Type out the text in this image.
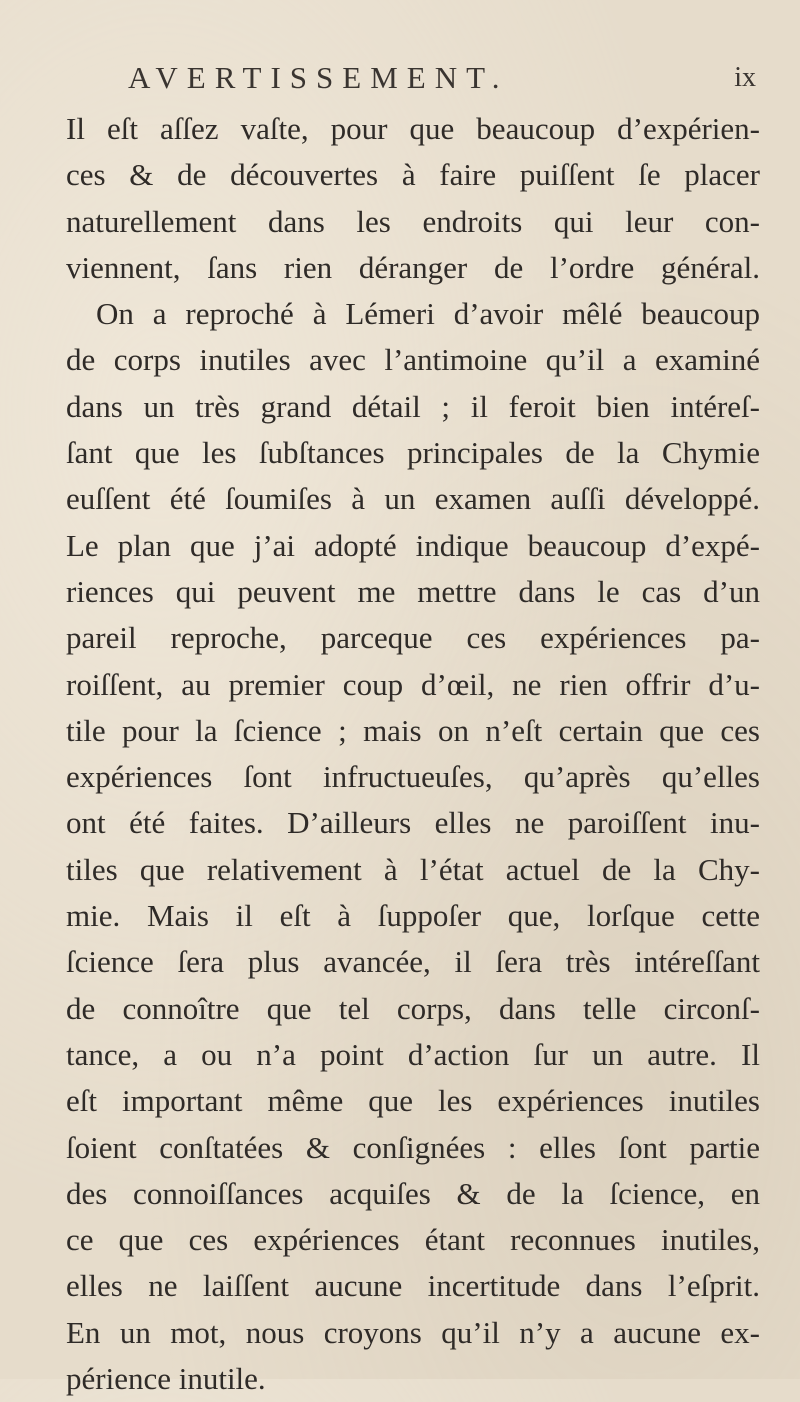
AVERTISSEMENT.	ix
Il eſt aſſez vaſte, pour que beaucoup d’expérien-
ces & de découvertes à faire puiſſent ſe placer
naturellement dans les endroits qui leur con-
viennent, ſans rien déranger de l’ordre général.
On a reproché à Lémeri d’avoir mêlé beaucoup
de corps inutiles avec l’antimoine qu’il a examiné
dans un très grand détail ; il feroit bien intéreſ-
ſant que les ſubſtances principales de la Chymie
euſſent été ſoumiſes à un examen auſſi développé.
Le plan que j’ai adopté indique beaucoup d’expé-
riences qui peuvent me mettre dans le cas d’un
pareil reproche, parceque ces expériences pa-
roiſſent, au premier coup d’œil, ne rien offrir d’u-
tile pour la ſcience ; mais on n’eſt certain que ces
expériences ſont infructueuſes, qu’après qu’elles
ont été faites. D’ailleurs elles ne paroiſſent inu-
tiles que relativement à l’état actuel de la Chy-
mie. Mais il eſt à ſuppoſer que, lorſque cette
ſcience ſera plus avancée, il ſera très intéreſſant
de connoître que tel corps, dans telle circonſ-
tance, a ou n’a point d’action ſur un autre. Il
eſt important même que les expériences inutiles
ſoient conſtatées & conſignées : elles ſont partie
des connoiſſances acquiſes & de la ſcience, en
ce que ces expériences étant reconnues inutiles,
elles ne laiſſent aucune incertitude dans l’eſprit.
En un mot, nous croyons qu’il n’y a aucune ex-
périence inutile.
